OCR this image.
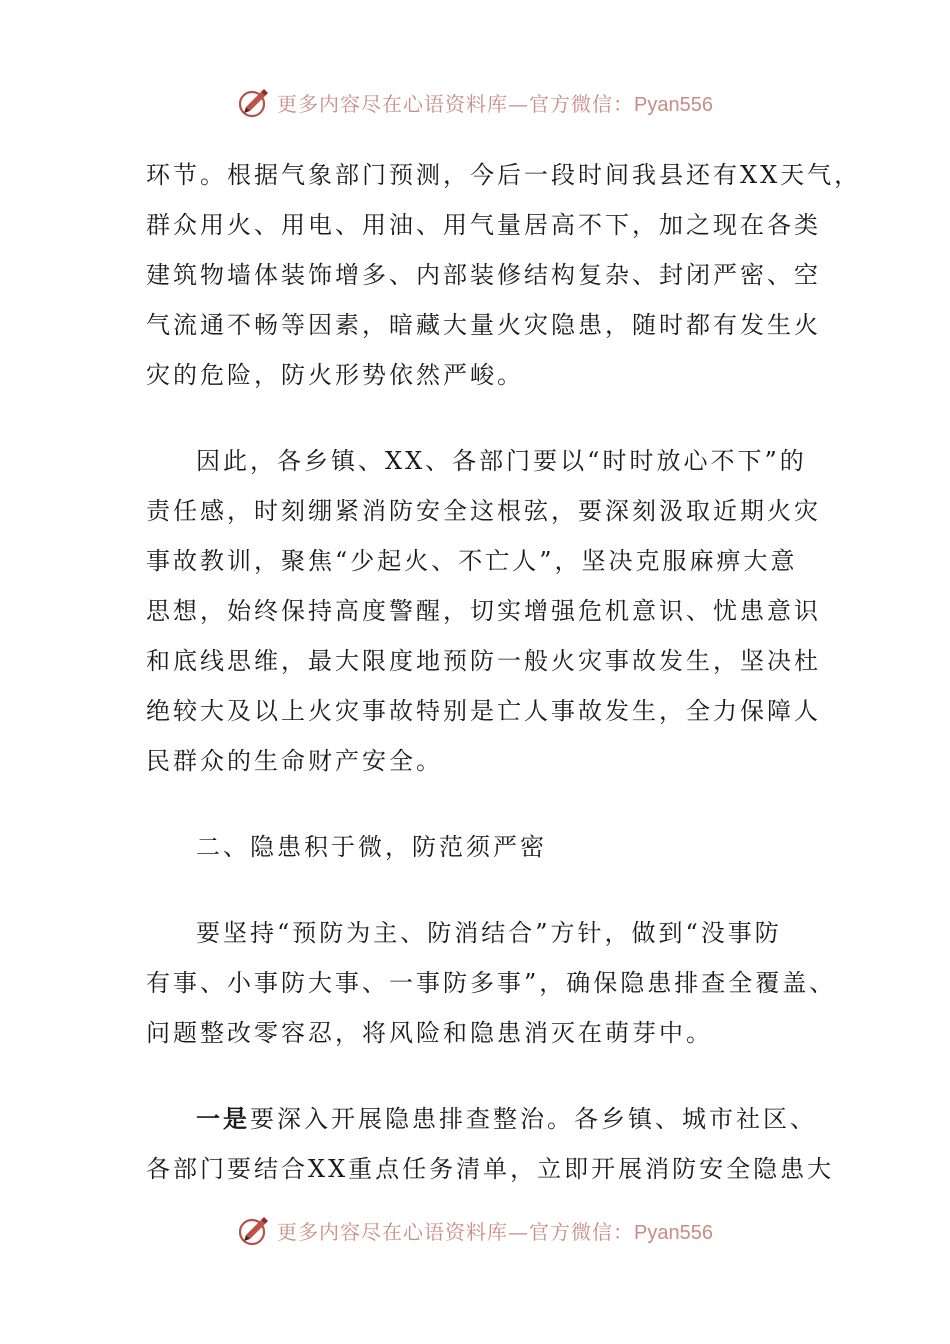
更多内容尽在心语资料库—官方微信：Pyan556

环节。根据气象部门预测，今后一段时间我县还有XX天气，
群众用火、用电、用油、用气量居高不下，加之现在各类
建筑物墙体装饰增多、内部装修结构复杂、封闭严密、空
气流通不畅等因素，暗藏大量火灾隐患，随时都有发生火
灾的危险，防火形势依然严峻。

因此，各乡镇、XX、各部门要以“时时放心不下”的
责任感，时刻绷紧消防安全这根弦，要深刻汲取近期火灾
事故教训，聚焦“少起火、不亡人”，坚决克服麻痹大意
思想，始终保持高度警醒，切实增强危机意识、忧患意识
和底线思维，最大限度地预防一般火灾事故发生，坚决杜
绝较大及以上火灾事故特别是亡人事故发生，全力保障人
民群众的生命财产安全。

二、隐患积于微，防范须严密

要坚持“预防为主、防消结合”方针，做到“没事防
有事、小事防大事、一事防多事”，确保隐患排查全覆盖、
问题整改零容忍，将风险和隐患消灭在萌芽中。

一是要深入开展隐患排查整治。各乡镇、城市社区、
各部门要结合XX重点任务清单，立即开展消防安全隐患大

更多内容尽在心语资料库—官方微信：Pyan556
